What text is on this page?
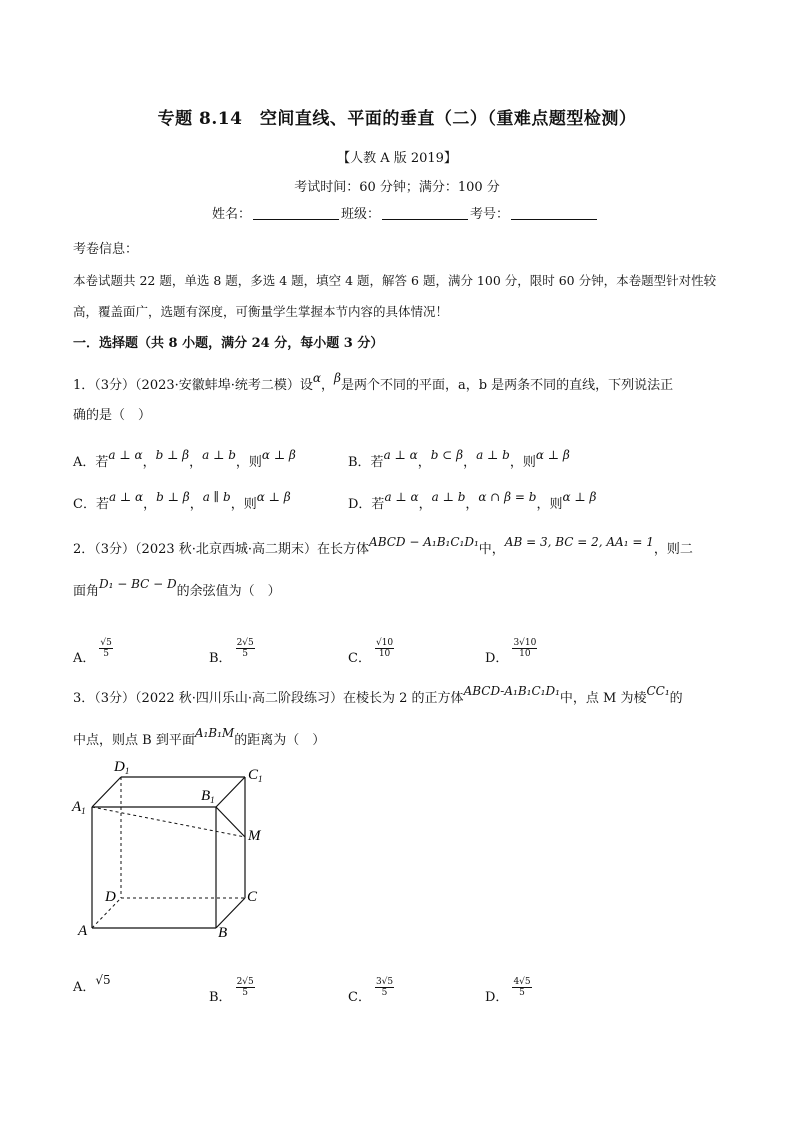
专题 8.14　空间直线、平面的垂直（二）（重难点题型检测）
【人教 A 版 2019】
考试时间：60 分钟；满分：100 分
姓名：	班级：	考号：
考卷信息：
本卷试题共 22 题，单选 8 题，多选 4 题，填空 4 题，解答 6 题，满分 100 分，限时 60 分钟，本卷题型针对性较
高，覆盖面广，选题有深度，可衡量学生掌握本节内容的具体情况！
一．选择题（共 8 小题，满分 24 分，每小题 3 分）
1．（3分）（2023·安徽蚌埠·统考二模）设α，β是两个不同的平面，a，b 是两条不同的直线，下列说法正
确的是（　）
A．若a ⊥ α，b ⊥ β，a ⊥ b，则α ⊥ β	B．若a ⊥ α，b ⊂ β，a ⊥ b，则α ⊥ β
C．若a ⊥ α，b ⊥ β，a ∥ b，则α ⊥ β	D．若a ⊥ α，a ⊥ b，α ∩ β = b，则α ⊥ β
2．（3分）（2023 秋·北京西城·高二期末）在长方体ABCD − A₁B₁C₁D₁中，AB = 3, BC = 2, AA₁ = 1，则二
面角D₁ − BC − D的余弦值为（　）
A． $\frac{√5}{5}$	B． $\frac{2√5}{5}$	C． $\frac{√10}{10}$	D． $\frac{3√10}{10}$
3．（3分）（2022 秋·四川乐山·高二阶段练习）在棱长为 2 的正方体ABCD-A₁B₁C₁D₁中，点 M 为棱CC₁的
中点，则点 B 到平面A₁B₁M的距离为（　）
$D_1$	$C_1$
$A_1$
$B_1$
M
D	C
A	B
A．√5
B． $\frac{2√5}{5}$	C． $\frac{3√5}{5}$	D． $\frac{4√5}{5}$
